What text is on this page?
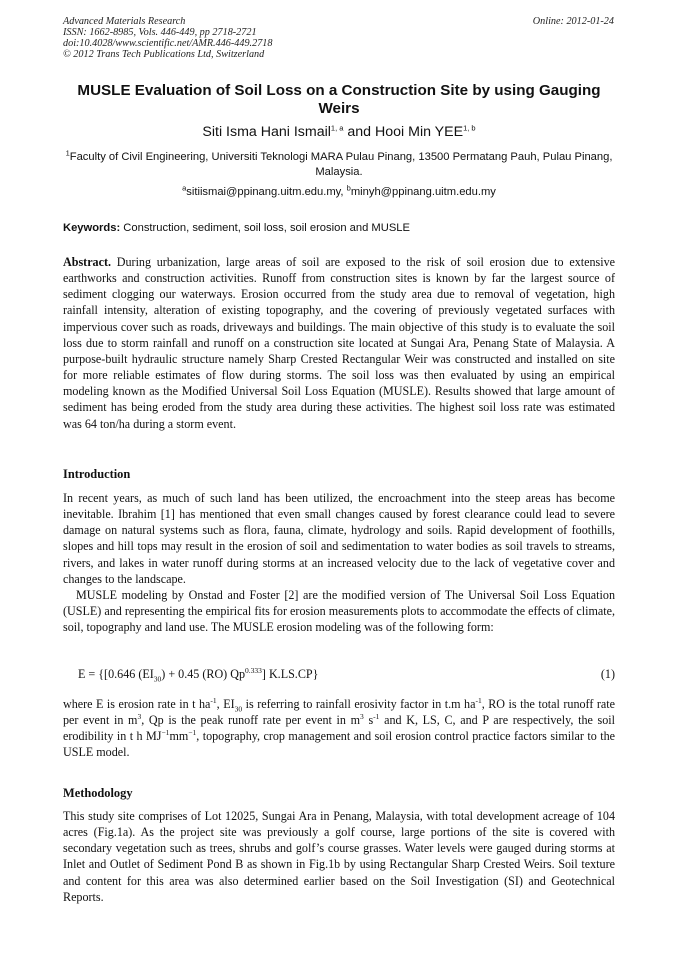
Advanced Materials Research
ISSN: 1662-8985, Vols. 446-449, pp 2718-2721
doi:10.4028/www.scientific.net/AMR.446-449.2718
© 2012 Trans Tech Publications Ltd, Switzerland
Online: 2012-01-24
MUSLE Evaluation of Soil Loss on a Construction Site by using Gauging Weirs
Siti Isma Hani Ismail$^{1, a}$ and Hooi Min YEE$^{1, b}$
$^1$Faculty of Civil Engineering, Universiti Teknologi MARA Pulau Pinang, 13500 Permatang Pauh, Pulau Pinang, Malaysia.
$^a$sitiismai@ppinang.uitm.edu.my, $^b$minyh@ppinang.uitm.edu.my
Keywords: Construction, sediment, soil loss, soil erosion and MUSLE
Abstract. During urbanization, large areas of soil are exposed to the risk of soil erosion due to extensive earthworks and construction activities. Runoff from construction sites is known by far the largest source of sediment clogging our waterways. Erosion occurred from the study area due to removal of vegetation, high rainfall intensity, alteration of existing topography, and the covering of previously vegetated surfaces with impervious cover such as roads, driveways and buildings. The main objective of this study is to evaluate the soil loss due to storm rainfall and runoff on a construction site located at Sungai Ara, Penang State of Malaysia. A purpose-built hydraulic structure namely Sharp Crested Rectangular Weir was constructed and installed on site for more reliable estimates of flow during storms. The soil loss was then evaluated by using an empirical modeling known as the Modified Universal Soil Loss Equation (MUSLE). Results showed that large amount of sediment has being eroded from the study area during these activities. The highest soil loss rate was estimated was 64 ton/ha during a storm event.
Introduction
In recent years, as much of such land has been utilized, the encroachment into the steep areas has become inevitable. Ibrahim [1] has mentioned that even small changes caused by forest clearance could lead to severe damage on natural systems such as flora, fauna, climate, hydrology and soils. Rapid development of foothills, slopes and hill tops may result in the erosion of soil and sedimentation to water bodies as soil travels to streams, rivers, and lakes in water runoff during storms at an increased velocity due to the lack of vegetative cover and changes to the landscape.
MUSLE modeling by Onstad and Foster [2] are the modified version of The Universal Soil Loss Equation (USLE) and representing the empirical fits for erosion measurements plots to accommodate the effects of climate, soil, topography and land use. The MUSLE erosion modeling was of the following form:
E = {[0.646 $(EI_{30}) + 0.45$ (RO) $Qp^{0.333}$] K.LS.CP}	(1)
where E is erosion rate in t $ha^{-1}$, $EI_{30}$ is referring to rainfall erosivity factor in t.m $ha^{-1}$, RO is the total runoff rate per event in $m^3$, Qp is the peak runoff rate per event in $m^3$ $s^{-1}$ and K, LS, C, and P are respectively, the soil erodibility in t h $MJ^{-1}mm^{-1}$, topography, crop management and soil erosion control practice factors similar to the USLE model.
Methodology
This study site comprises of Lot 12025, Sungai Ara in Penang, Malaysia, with total development acreage of 104 acres (Fig.1a). As the project site was previously a golf course, large portions of the site is covered with secondary vegetation such as trees, shrubs and golf’s course grasses. Water levels were gauged during storms at Inlet and Outlet of Sediment Pond B as shown in Fig.1b by using Rectangular Sharp Crested Weirs. Soil texture and content for this area was also determined earlier based on the Soil Investigation (SI) and Geotechnical Reports.
